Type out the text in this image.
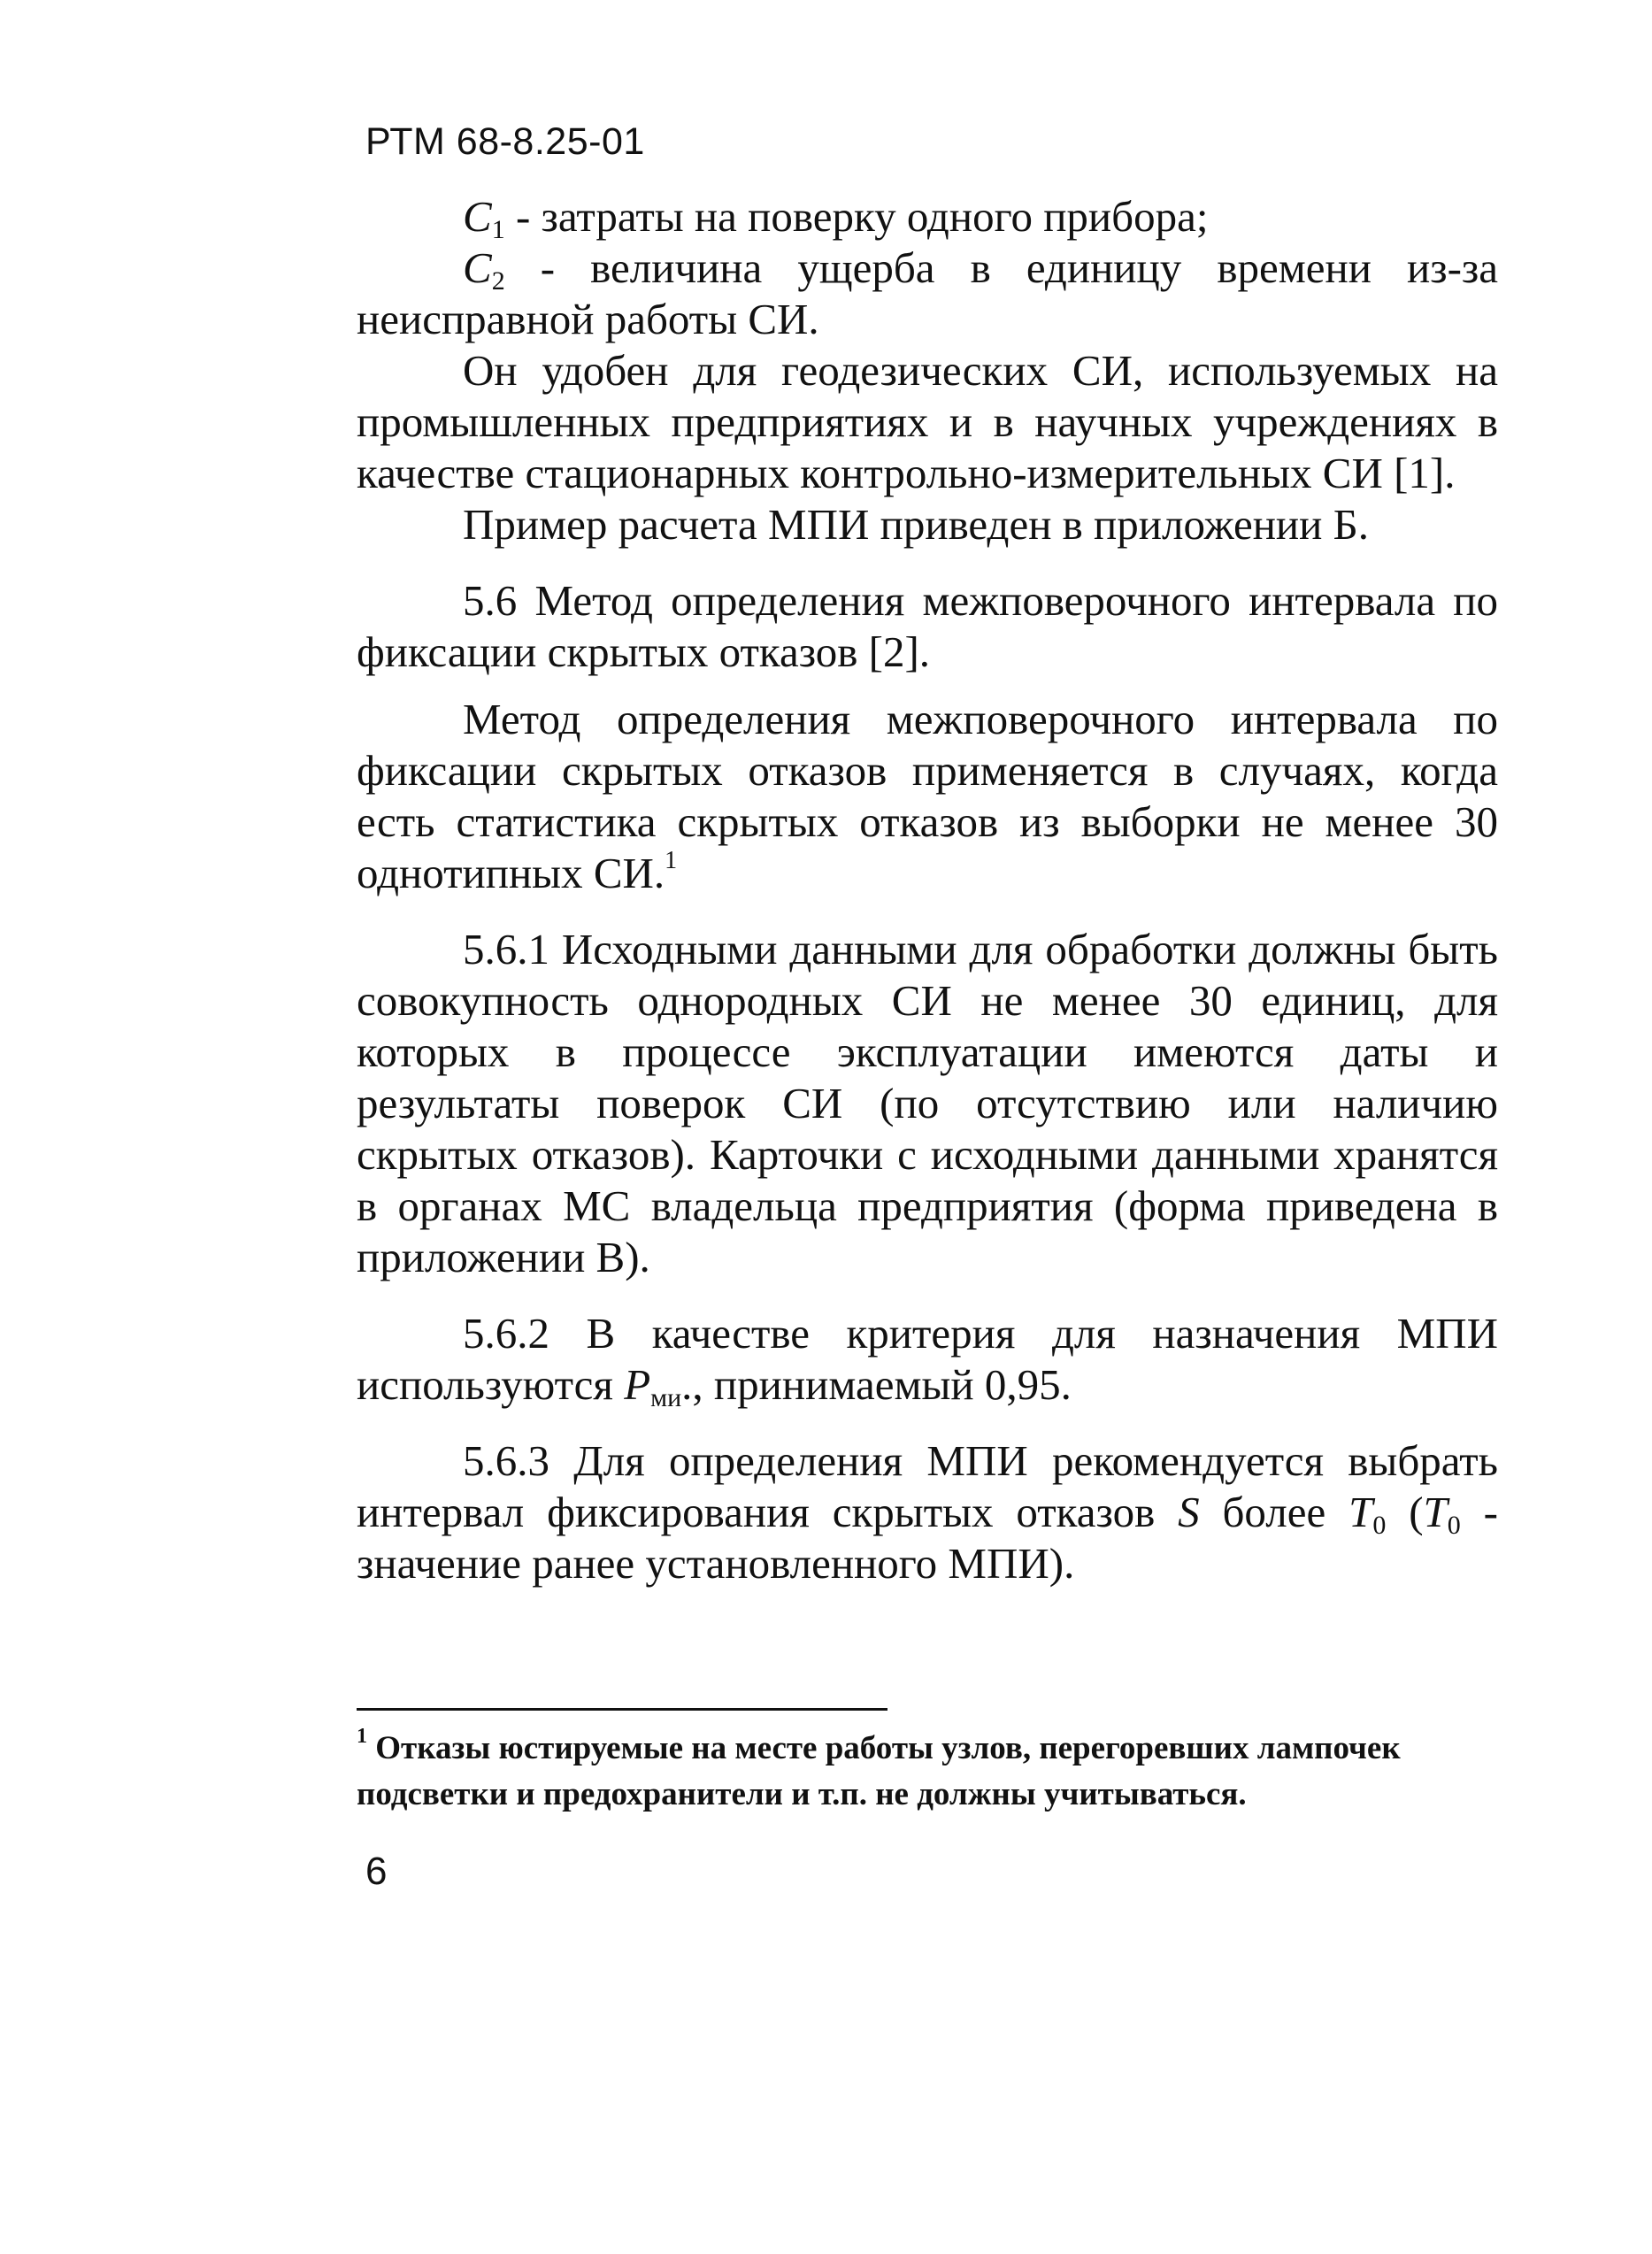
РТМ 68-8.25-01

$C_1$ - затраты на поверку одного прибора;

$C_2$ - величина ущерба в единицу времени из-за неисправной работы СИ.

Он удобен для геодезических СИ, используемых на промышленных предприятиях и в научных учреждениях в качестве стационарных контрольно-измерительных СИ [1].

Пример расчета МПИ приведен в приложении Б.

5.6 Метод определения межповерочного интервала по фиксации скрытых отказов [2].

Метод определения межповерочного интервала по фиксации скрытых отказов применяется в случаях, когда есть статистика скрытых отказов из выборки не менее 30 однотипных СИ.$^1$

5.6.1 Исходными данными для обработки должны быть совокупность однородных СИ не менее 30 единиц, для которых в процессе эксплуатации имеются даты и результаты поверок СИ (по отсутствию или наличию скрытых отказов). Карточки с исходными данными хранятся в органах МС владельца предприятия (форма приведена в приложении В).

5.6.2 В качестве критерия для назначения МПИ используются $P_{ми}$., принимаемый 0,95.

5.6.3 Для определения МПИ рекомендуется выбрать интервал фиксирования скрытых отказов S более $T_0$ ($T_0$ - значение ранее установленного МПИ).

$^1$ Отказы юстируемые на месте работы узлов, перегоревших лампочек подсветки и предохранители и т.п. не должны учитываться.
6
